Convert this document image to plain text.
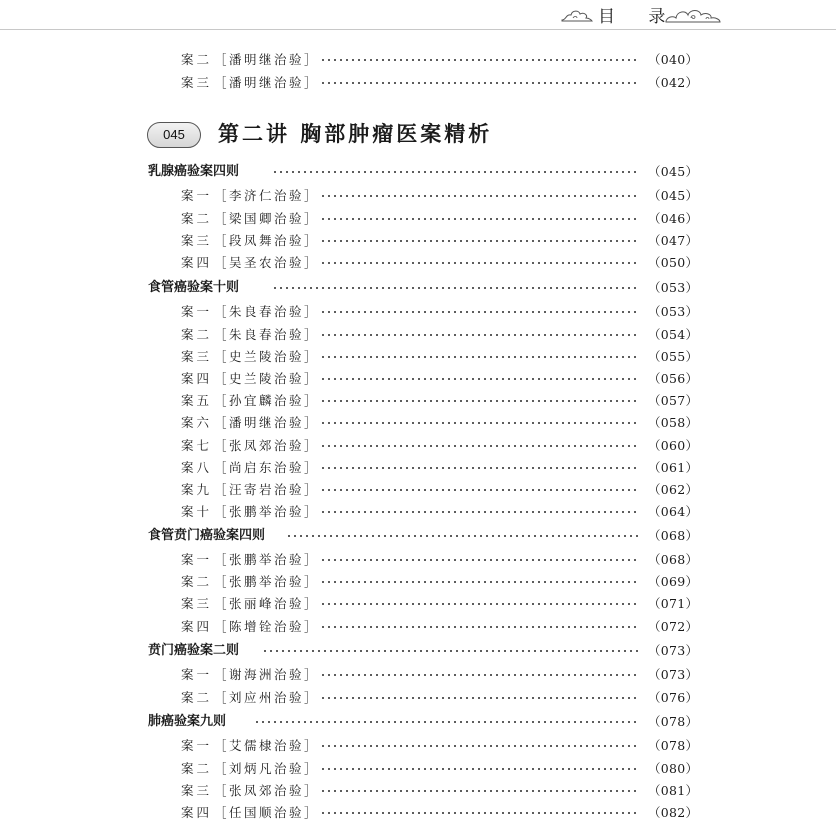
目 录
案二 ［潘明继治验］	（040）
案三 ［潘明继治验］	（042）
045	第二讲 胸部肿瘤医案精析
乳腺癌验案四则	（045）
案一 ［李济仁治验］	（045）
案二 ［梁国卿治验］	（046）
案三 ［段凤舞治验］	（047）
案四 ［吴圣农治验］	（050）
食管癌验案十则	（053）
案一 ［朱良春治验］	（053）
案二 ［朱良春治验］	（054）
案三 ［史兰陵治验］	（055）
案四 ［史兰陵治验］	（056）
案五 ［孙宜麟治验］	（057）
案六 ［潘明继治验］	（058）
案七 ［张凤郊治验］	（060）
案八 ［尚启东治验］	（061）
案九 ［汪寄岩治验］	（062）
案十 ［张鹏举治验］	（064）
食管贲门癌验案四则	（068）
案一 ［张鹏举治验］	（068）
案二 ［张鹏举治验］	（069）
案三 ［张丽峰治验］	（071）
案四 ［陈增铨治验］	（072）
贲门癌验案二则	（073）
案一 ［谢海洲治验］	（073）
案二 ［刘应州治验］	（076）
肺癌验案九则	（078）
案一 ［艾儒棣治验］	（078）
案二 ［刘炳凡治验］	（080）
案三 ［张凤郊治验］	（081）
案四 ［任国顺治验］	（082）
